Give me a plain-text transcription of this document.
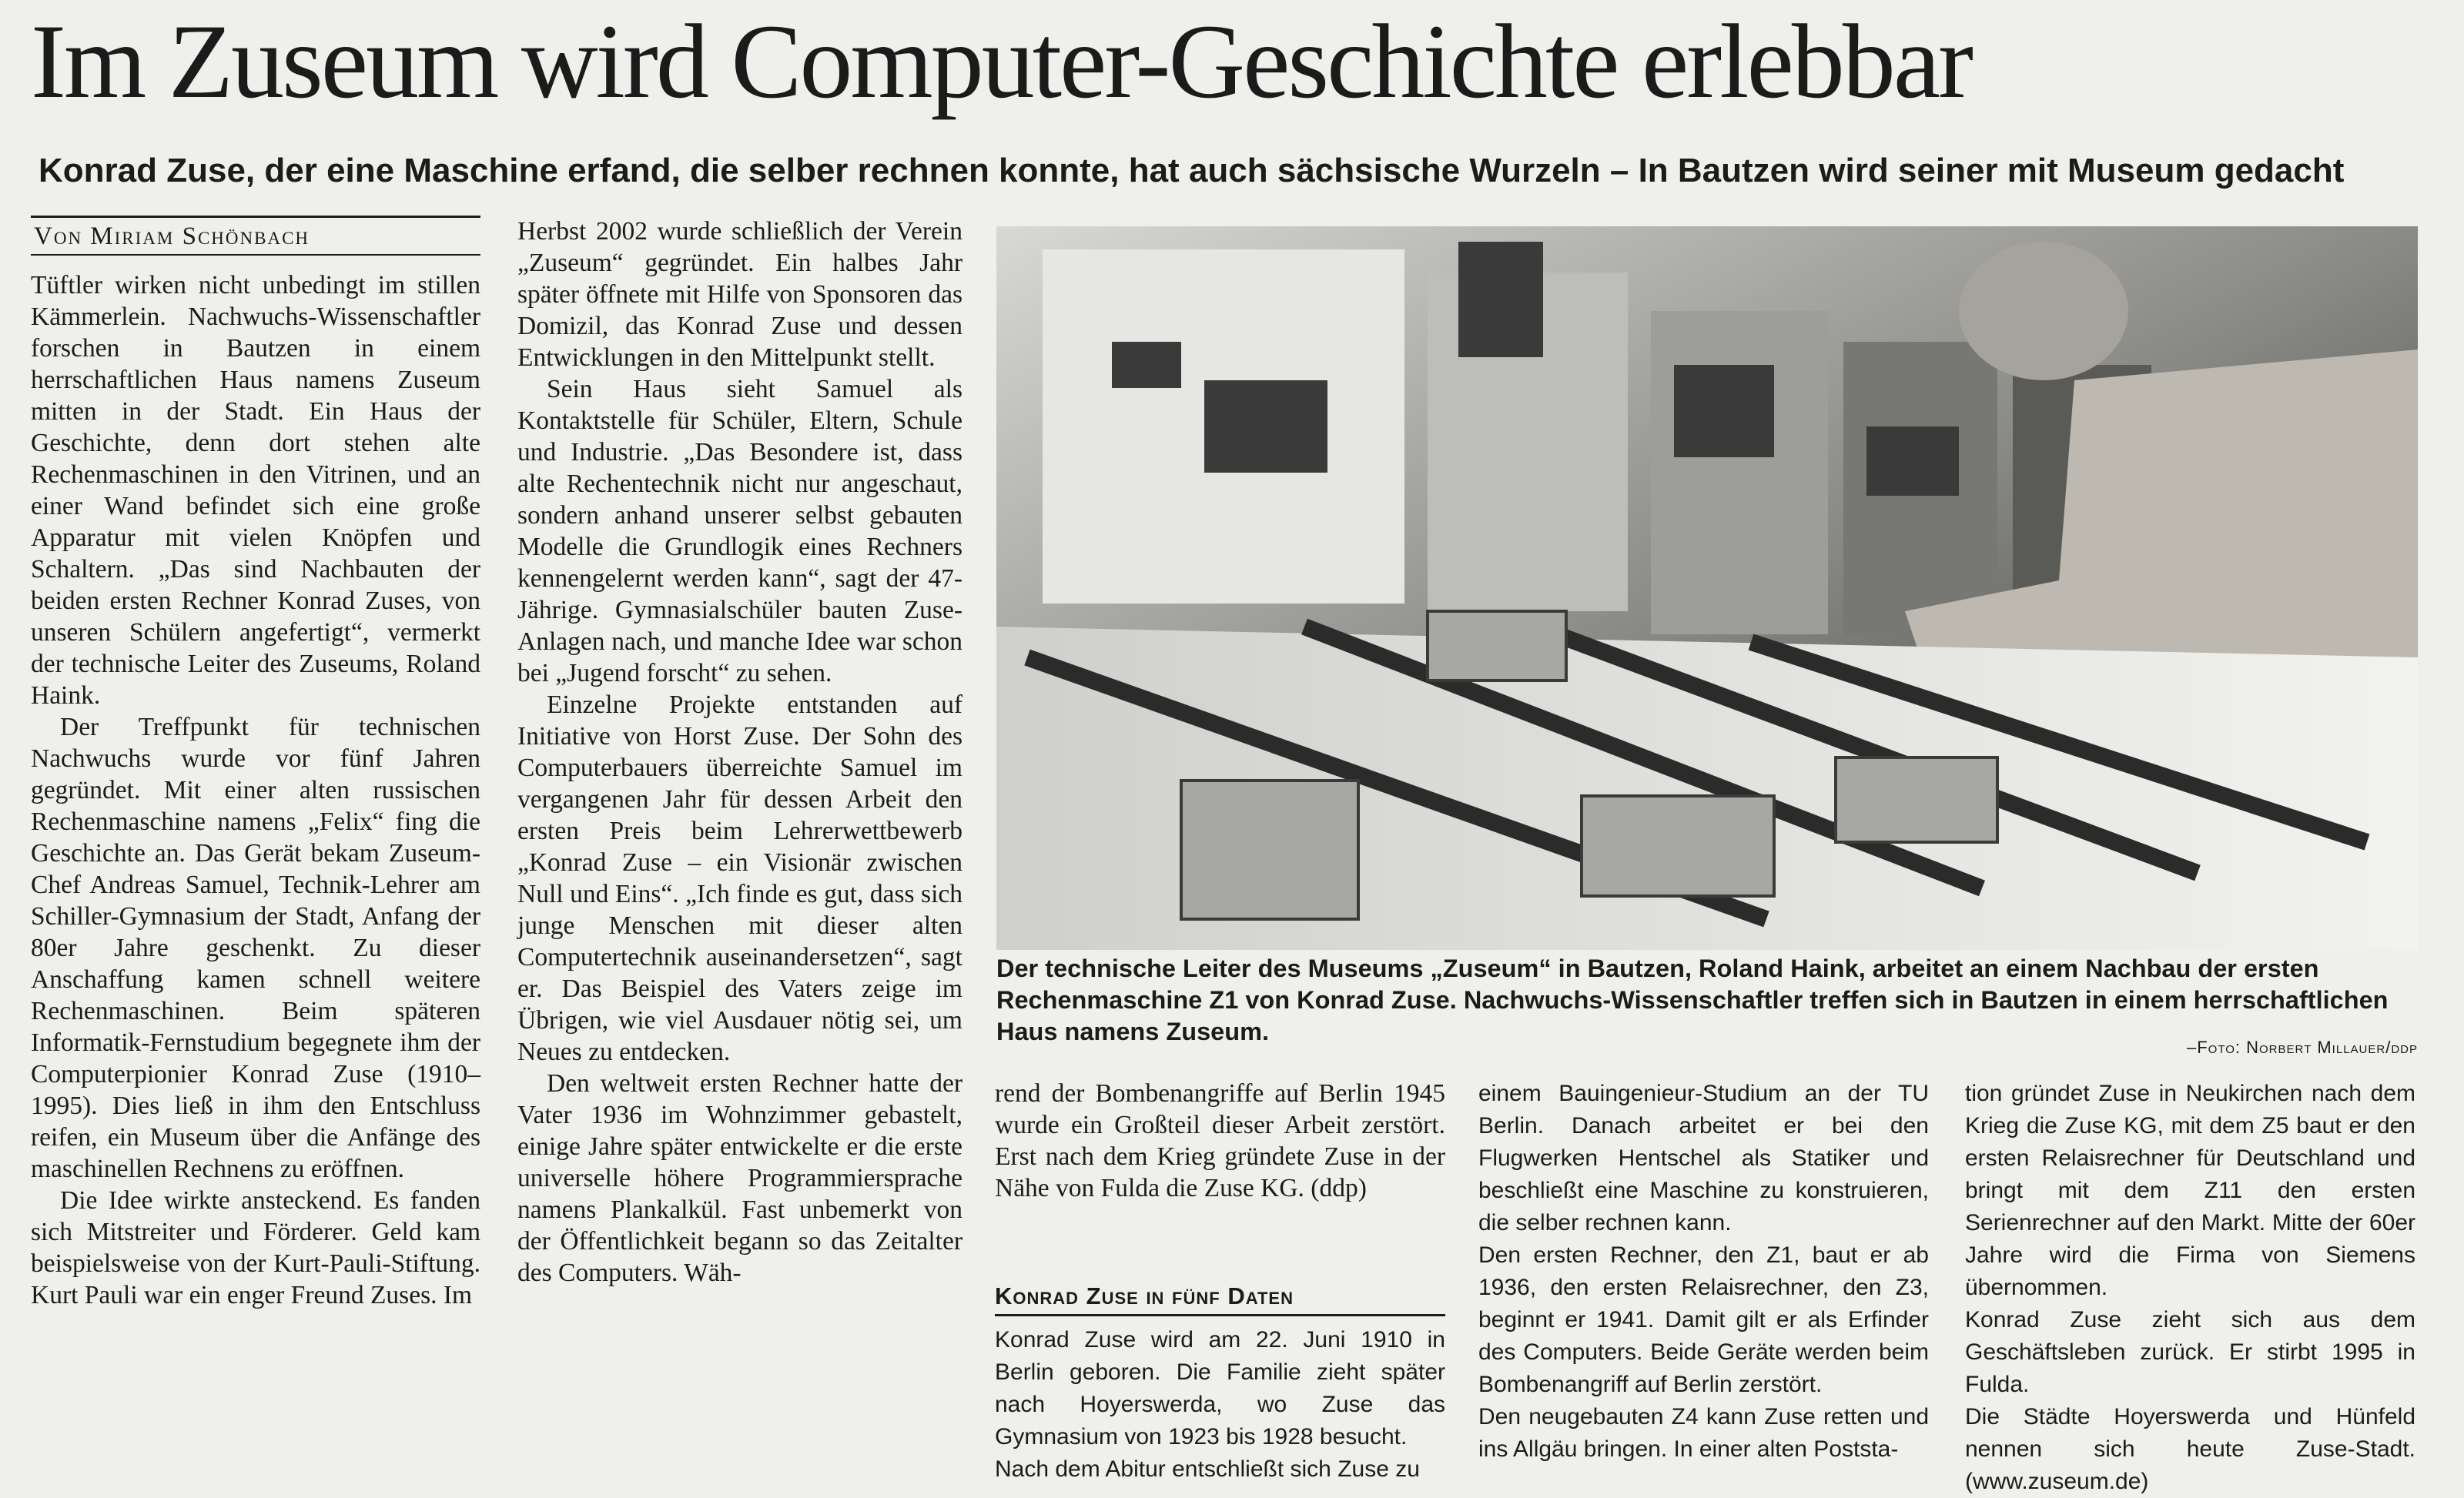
Im Zuseum wird Computer-Geschichte erlebbar
Konrad Zuse, der eine Maschine erfand, die selber rechnen konnte, hat auch sächsische Wurzeln – In Bautzen wird seiner mit Museum gedacht
Von Miriam Schönbach

Tüftler wirken nicht unbedingt im stillen Kämmerlein. Nachwuchs-Wissenschaftler forschen in Bautzen in einem herrschaftlichen Haus namens Zuseum mitten in der Stadt. Ein Haus der Geschichte, denn dort stehen alte Rechenmaschinen in den Vitrinen, und an einer Wand befindet sich eine große Apparatur mit vielen Knöpfen und Schaltern. „Das sind Nachbauten der beiden ersten Rechner Konrad Zuses, von unseren Schülern angefertigt“, vermerkt der technische Leiter des Zuseums, Roland Haink.

Der Treffpunkt für technischen Nachwuchs wurde vor fünf Jahren gegründet. Mit einer alten russischen Rechenmaschine namens „Felix“ fing die Geschichte an. Das Gerät bekam Zuseum-Chef Andreas Samuel, Technik-Lehrer am Schiller-Gymnasium der Stadt, Anfang der 80er Jahre geschenkt. Zu dieser Anschaffung kamen schnell weitere Rechenmaschinen. Beim späteren Informatik-Fernstudium begegnete ihm der Computerpionier Konrad Zuse (1910–1995). Dies ließ in ihm den Entschluss reifen, ein Museum über die Anfänge des maschinellen Rechnens zu eröffnen.

Die Idee wirkte ansteckend. Es fanden sich Mitstreiter und Förderer. Geld kam beispielsweise von der Kurt-Pauli-Stiftung. Kurt Pauli war ein enger Freund Zuses. Im

Herbst 2002 wurde schließlich der Verein „Zuseum“ gegründet. Ein halbes Jahr später öffnete mit Hilfe von Sponsoren das Domizil, das Konrad Zuse und dessen Entwicklungen in den Mittelpunkt stellt.

Sein Haus sieht Samuel als Kontaktstelle für Schüler, Eltern, Schule und Industrie. „Das Besondere ist, dass alte Rechentechnik nicht nur angeschaut, sondern anhand unserer selbst gebauten Modelle die Grundlogik eines Rechners kennengelernt werden kann“, sagt der 47-Jährige. Gymnasialschüler bauten Zuse-Anlagen nach, und manche Idee war schon bei „Jugend forscht“ zu sehen.

Einzelne Projekte entstanden auf Initiative von Horst Zuse. Der Sohn des Computerbauers überreichte Samuel im vergangenen Jahr für dessen Arbeit den ersten Preis beim Lehrerwettbewerb „Konrad Zuse – ein Visionär zwischen Null und Eins“. „Ich finde es gut, dass sich junge Menschen mit dieser alten Computertechnik auseinandersetzen“, sagt er. Das Beispiel des Vaters zeige im Übrigen, wie viel Ausdauer nötig sei, um Neues zu entdecken.

Den weltweit ersten Rechner hatte der Vater 1936 im Wohnzimmer gebastelt, einige Jahre später entwickelte er die erste universelle höhere Programmiersprache namens Plankalkül. Fast unbemerkt von der Öffentlichkeit begann so das Zeitalter des Computers. Wäh-

Der technische Leiter des Museums „Zuseum“ in Bautzen, Roland Haink, arbeitet an einem Nachbau der ersten Rechenmaschine Z1 von Konrad Zuse. Nachwuchs-Wissenschaftler treffen sich in Bautzen in einem herrschaftlichen Haus namens Zuseum.

–Foto: Norbert Millauer/ddp

rend der Bombenangriffe auf Berlin 1945 wurde ein Großteil dieser Arbeit zerstört. Erst nach dem Krieg gründete Zuse in der Nähe von Fulda die Zuse KG. (ddp)

Konrad Zuse in fünf Daten

Konrad Zuse wird am 22. Juni 1910 in Berlin geboren. Die Familie zieht später nach Hoyerswerda, wo Zuse das Gymnasium von 1923 bis 1928 besucht.

Nach dem Abitur entschließt sich Zuse zu

einem Bauingenieur-Studium an der TU Berlin. Danach arbeitet er bei den Flugwerken Hentschel als Statiker und beschließt eine Maschine zu konstruieren, die selber rechnen kann.

Den ersten Rechner, den Z1, baut er ab 1936, den ersten Relaisrechner, den Z3, beginnt er 1941. Damit gilt er als Erfinder des Computers. Beide Geräte werden beim Bombenangriff auf Berlin zerstört.

Den neugebauten Z4 kann Zuse retten und ins Allgäu bringen. In einer alten Poststa-

tion gründet Zuse in Neukirchen nach dem Krieg die Zuse KG, mit dem Z5 baut er den ersten Relaisrechner für Deutschland und bringt mit dem Z11 den ersten Serienrechner auf den Markt. Mitte der 60er Jahre wird die Firma von Siemens übernommen.

Konrad Zuse zieht sich aus dem Geschäftsleben zurück. Er stirbt 1995 in Fulda.

Die Städte Hoyerswerda und Hünfeld nennen sich heute Zuse-Stadt. (www.zuseum.de)
